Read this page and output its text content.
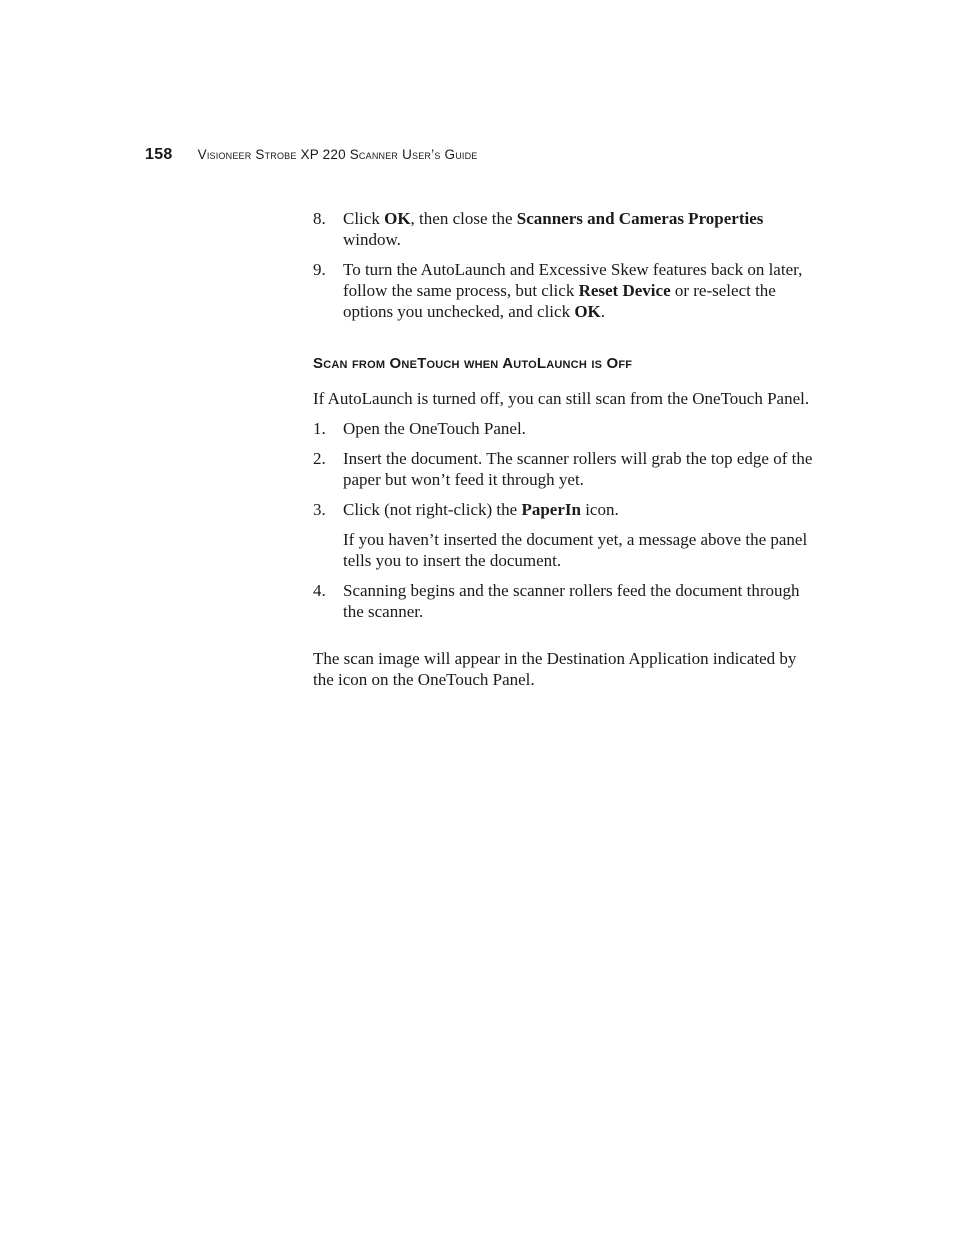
158 Visioneer Strobe XP 220 Scanner User’s Guide
8. Click OK, then close the Scanners and Cameras Properties window.
9. To turn the AutoLaunch and Excessive Skew features back on later, follow the same process, but click Reset Device or re-select the options you unchecked, and click OK.
Scan from OneTouch when AutoLaunch is Off

If AutoLaunch is turned off, you can still scan from the OneTouch Panel.

1. Open the OneTouch Panel.
2. Insert the document. The scanner rollers will grab the top edge of the paper but won’t feed it through yet.
3. Click (not right-click) the PaperIn icon.

If you haven’t inserted the document yet, a message above the panel tells you to insert the document.

4. Scanning begins and the scanner rollers feed the document through the scanner.

The scan image will appear in the Destination Application indicated by the icon on the OneTouch Panel.
